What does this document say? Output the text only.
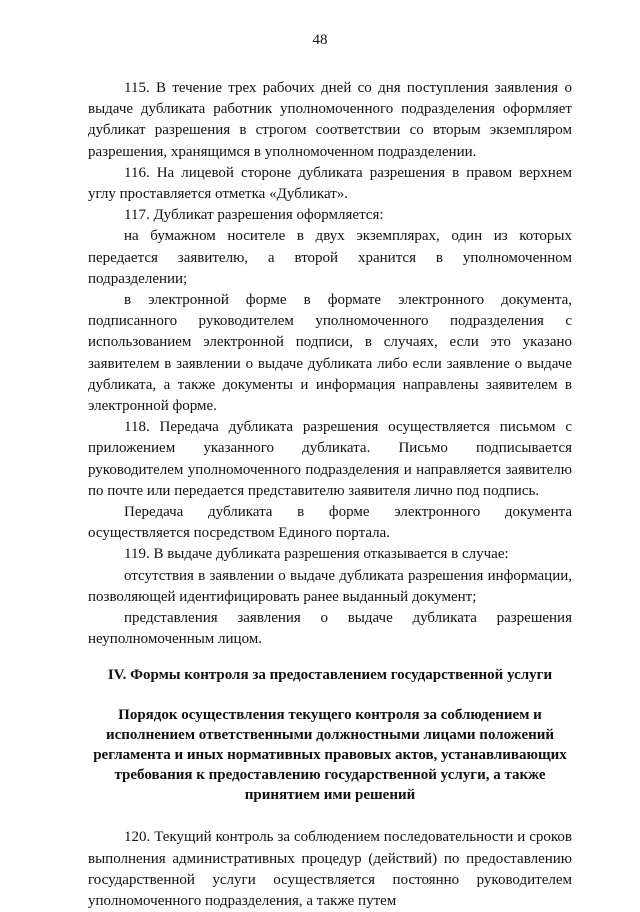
48

115. В течение трех рабочих дней со дня поступления заявления о выдаче дубликата работник уполномоченного подразделения оформляет дубликат разрешения в строгом соответствии со вторым экземпляром разрешения, хранящимся в уполномоченном подразделении.

116. На лицевой стороне дубликата разрешения в правом верхнем углу проставляется отметка «Дубликат».

117. Дубликат разрешения оформляется:

на бумажном носителе в двух экземплярах, один из которых передается заявителю, а второй хранится в уполномоченном подразделении;

в электронной форме в формате электронного документа, подписанного руководителем уполномоченного подразделения с использованием электронной подписи, в случаях, если это указано заявителем в заявлении о выдаче дубликата либо если заявление о выдаче дубликата, а также документы и информация направлены заявителем в электронной форме.

118. Передача дубликата разрешения осуществляется письмом с приложением указанного дубликата. Письмо подписывается руководителем уполномоченного подразделения и направляется заявителю по почте или передается представителю заявителя лично под подпись.

Передача дубликата в форме электронного документа осуществляется посредством Единого портала.

119. В выдаче дубликата разрешения отказывается в случае:

отсутствия в заявлении о выдаче дубликата разрешения информации, позволяющей идентифицировать ранее выданный документ;

представления заявления о выдаче дубликата разрешения неуполномоченным лицом.

IV. Формы контроля за предоставлением государственной услуги

Порядок осуществления текущего контроля за соблюдением и исполнением ответственными должностными лицами положений регламента и иных нормативных правовых актов, устанавливающих требования к предоставлению государственной услуги, а также принятием ими решений

120. Текущий контроль за соблюдением последовательности и сроков выполнения административных процедур (действий) по предоставлению государственной услуги осуществляется постоянно руководителем уполномоченного подразделения, а также путем
